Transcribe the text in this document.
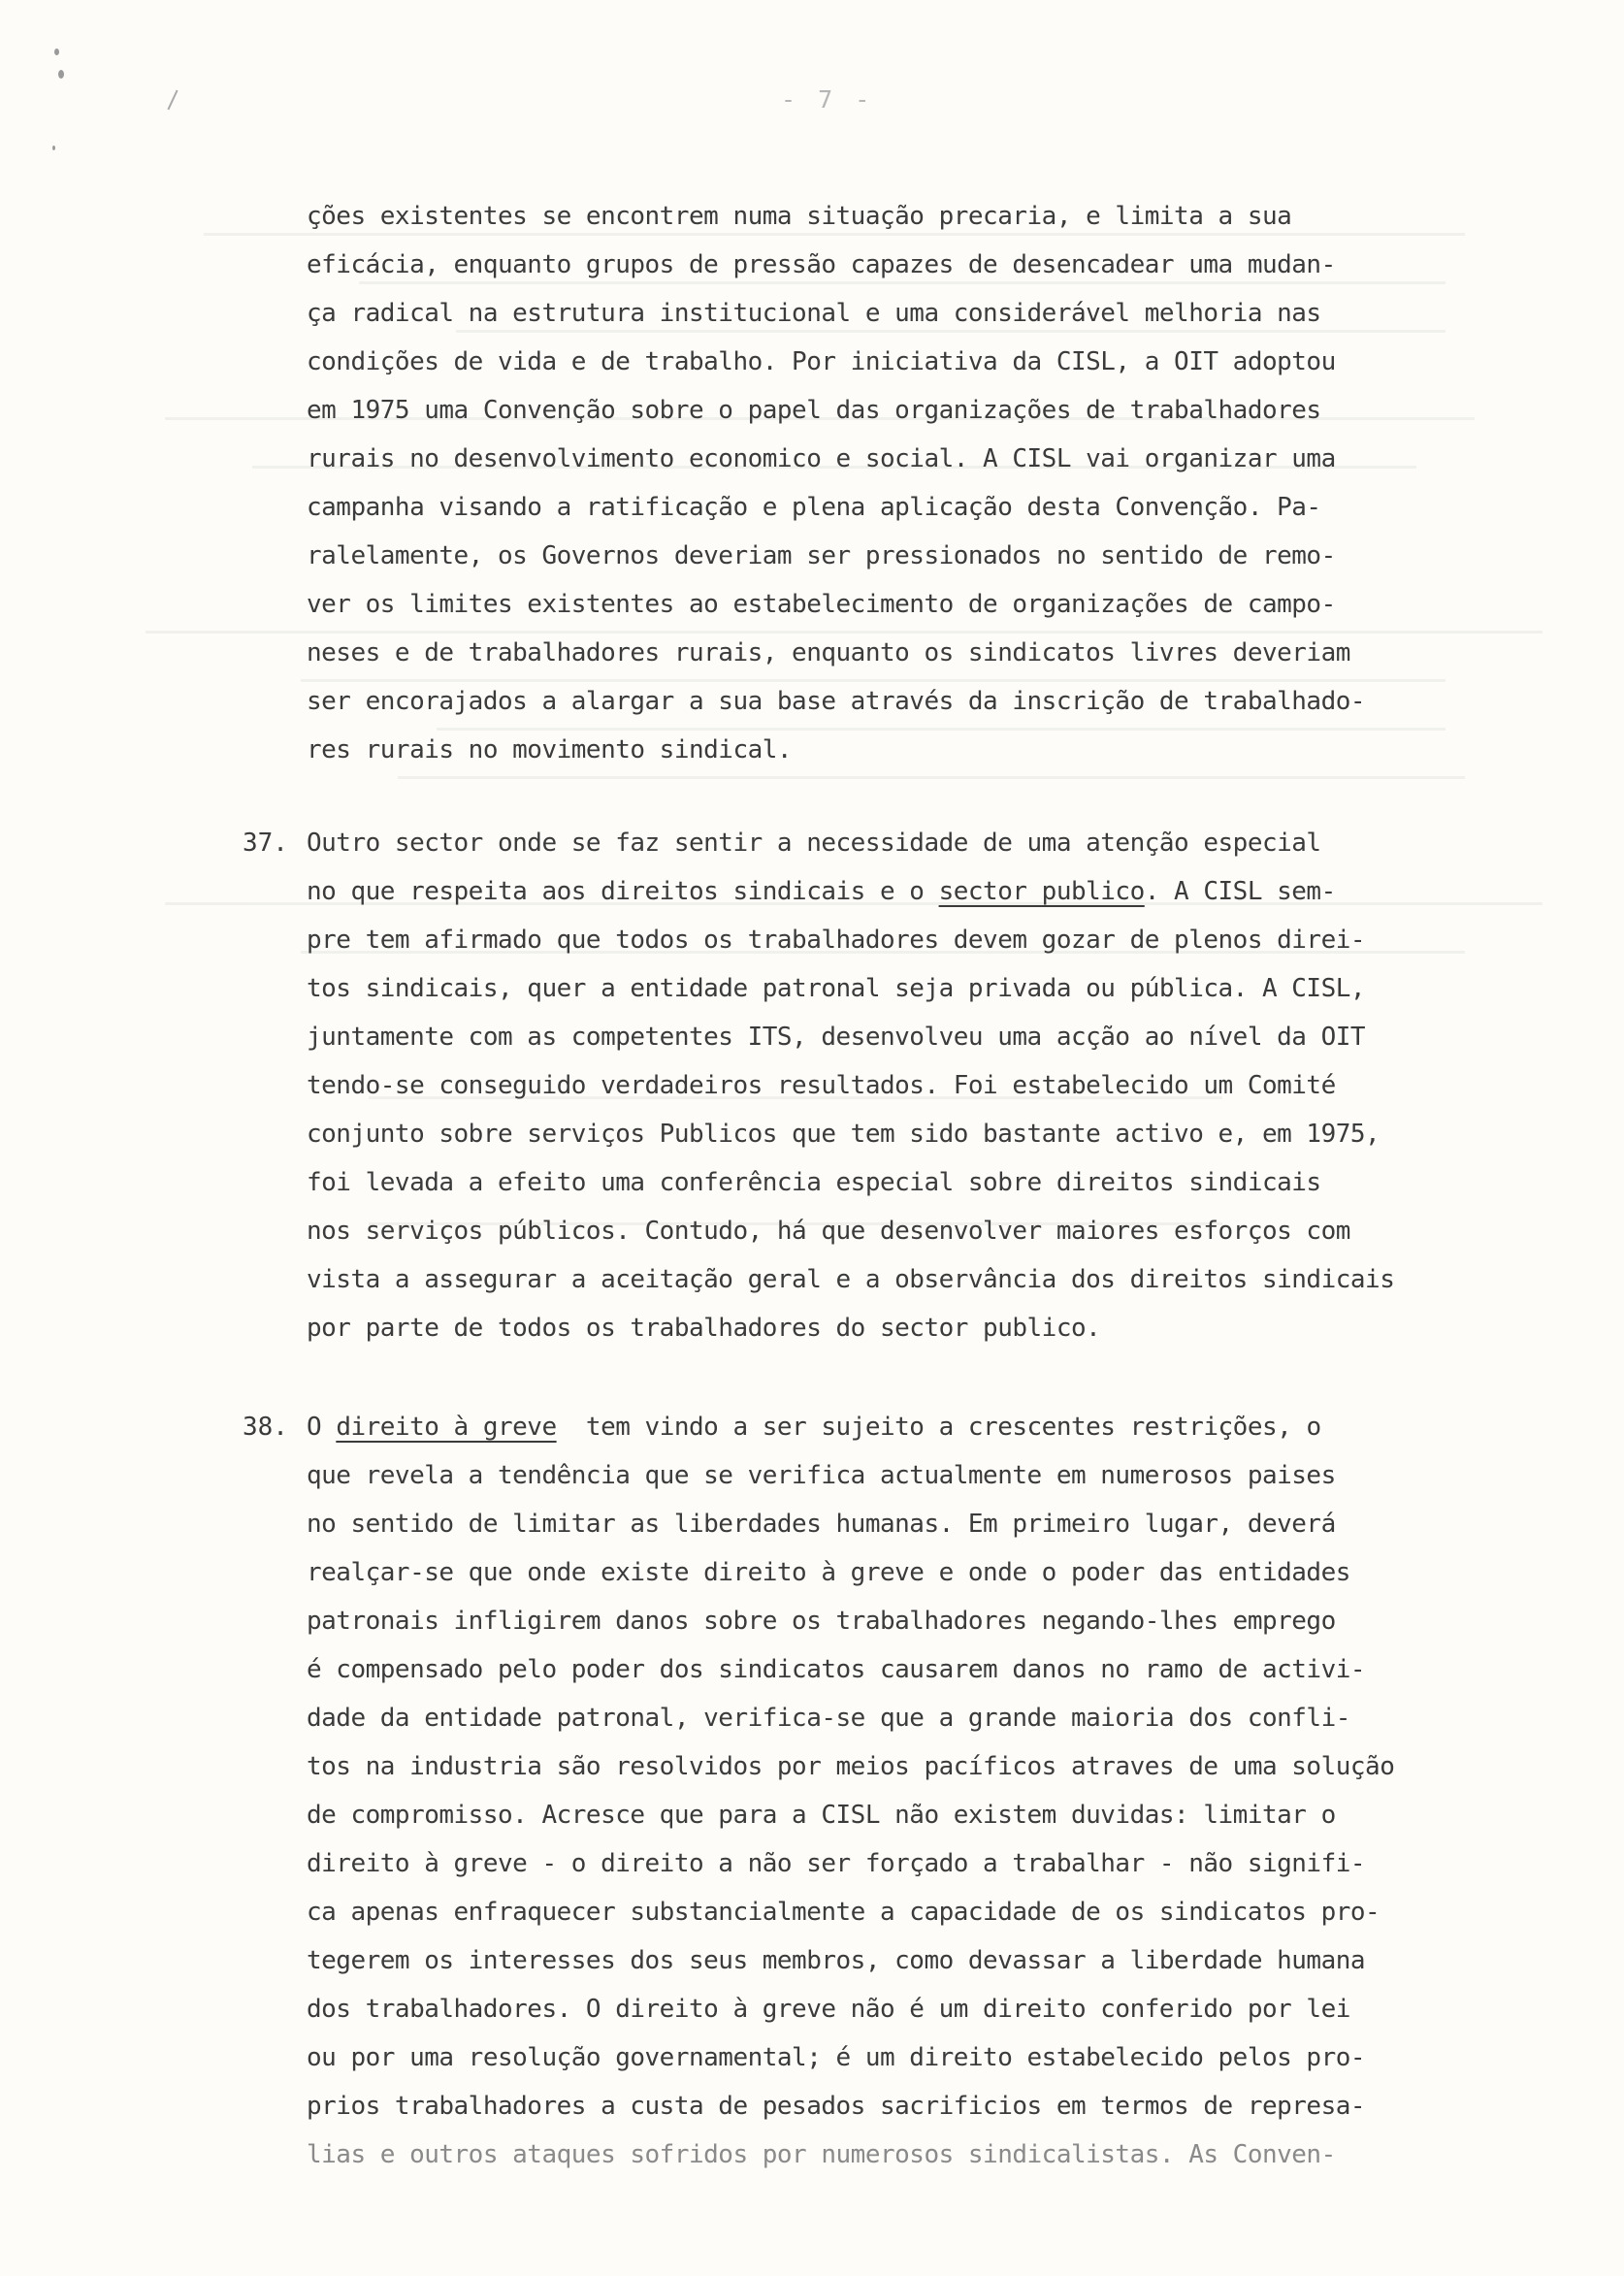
- 7 -
ções existentes se encontrem numa situação precaria, e limita a sua
eficácia, enquanto grupos de pressão capazes de desencadear uma mudan-
ça radical na estrutura institucional e uma considerável melhoria nas
condições de vida e de trabalho. Por iniciativa da CISL, a OIT adoptou
em 1975 uma Convenção sobre o papel das organizações de trabalhadores
rurais no desenvolvimento economico e social. A CISL vai organizar uma
campanha visando a ratificação e plena aplicação desta Convenção. Pa-
ralelamente, os Governos deveriam ser pressionados no sentido de remo-
ver os limites existentes ao estabelecimento de organizações de campo-
neses e de trabalhadores rurais, enquanto os sindicatos livres deveriam
ser encorajados a alargar a sua base através da inscrição de trabalhado-
res rurais no movimento sindical.
37. Outro sector onde se faz sentir a necessidade de uma atenção especial
no que respeita aos direitos sindicais e o sector publico. A CISL sem-
pre tem afirmado que todos os trabalhadores devem gozar de plenos direi-
tos sindicais, quer a entidade patronal seja privada ou pública. A CISL,
juntamente com as competentes ITS, desenvolveu uma acção ao nível da OIT
tendo-se conseguido verdadeiros resultados. Foi estabelecido um Comité
conjunto sobre serviços Publicos que tem sido bastante activo e, em 1975,
foi levada a efeito uma conferência especial sobre direitos sindicais
nos serviços públicos. Contudo, há que desenvolver maiores esforços com
vista a assegurar a aceitação geral e a observância dos direitos sindicais
por parte de todos os trabalhadores do sector publico.
38. O direito à greve  tem vindo a ser sujeito a crescentes restrições, o
que revela a tendência que se verifica actualmente em numerosos paises
no sentido de limitar as liberdades humanas. Em primeiro lugar, deverá
realçar-se que onde existe direito à greve e onde o poder das entidades
patronais infligirem danos sobre os trabalhadores negando-lhes emprego
é compensado pelo poder dos sindicatos causarem danos no ramo de activi-
dade da entidade patronal, verifica-se que a grande maioria dos confli-
tos na industria são resolvidos por meios pacíficos atraves de uma solução
de compromisso. Acresce que para a CISL não existem duvidas: limitar o
direito à greve - o direito a não ser forçado a trabalhar - não signifi-
ca apenas enfraquecer substancialmente a capacidade de os sindicatos pro-
tegerem os interesses dos seus membros, como devassar a liberdade humana
dos trabalhadores. O direito à greve não é um direito conferido por lei
ou por uma resolução governamental; é um direito estabelecido pelos pro-
prios trabalhadores a custa de pesados sacrificios em termos de represa-
lias e outros ataques sofridos por numerosos sindicalistas. As Conven-
